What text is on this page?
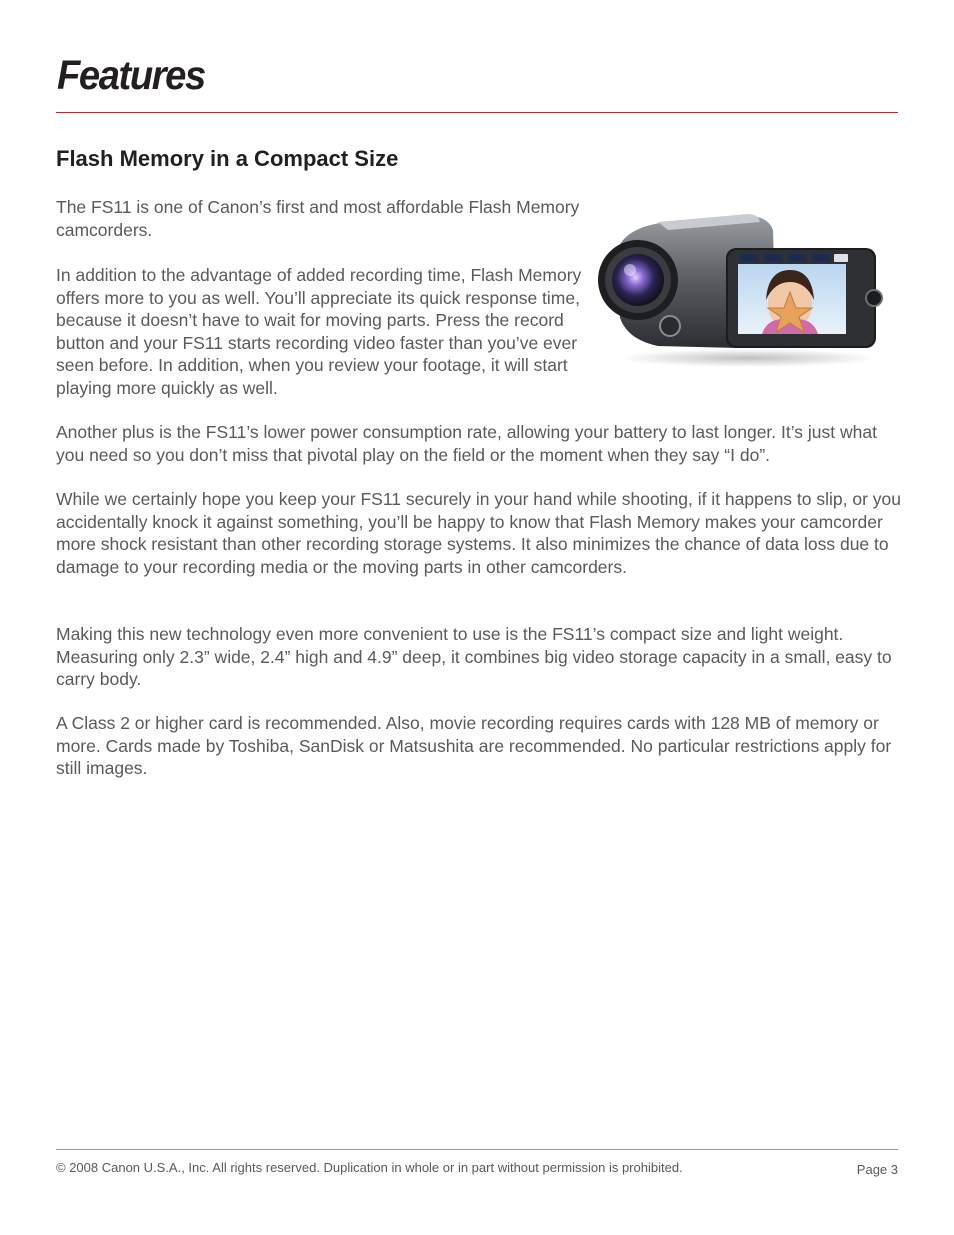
Features
Flash Memory in a Compact Size

The FS11 is one of Canon’s first and most affordable Flash Memory camcorders.

In addition to the advantage of added recording time, Flash Memory offers more to you as well. You’ll appreciate its quick response time, because it doesn’t have to wait for moving parts. Press the record button and your FS11 starts recording video faster than you’ve ever seen before. In addition, when you review your footage, it will start playing more quickly as well.

Another plus is the FS11’s lower power consumption rate, allowing your battery to last longer. It’s just what you need so you don’t miss that pivotal play on the field or the moment when they say “I do”.

While we certainly hope you keep your FS11 securely in your hand while shooting, if it happens to slip, or you accidentally knock it against something, you’ll be happy to know that Flash Memory makes your camcorder more shock resistant than other recording storage systems. It also minimizes the chance of data loss due to damage to your recording media or the moving parts in other camcorders.

Making this new technology even more convenient to use is the FS11’s compact size and light weight. Measuring only 2.3” wide, 2.4” high and 4.9” deep, it combines big video storage capacity in a small, easy to carry body.

A Class 2 or higher card is recommended. Also, movie recording requires cards with 128 MB of memory or more. Cards made by Toshiba, SanDisk or Matsushita are recommended. No particular restrictions apply for still images.

© 2008 Canon U.S.A., Inc. All rights reserved. Duplication in whole or in part without permission is prohibited.	Page 3
